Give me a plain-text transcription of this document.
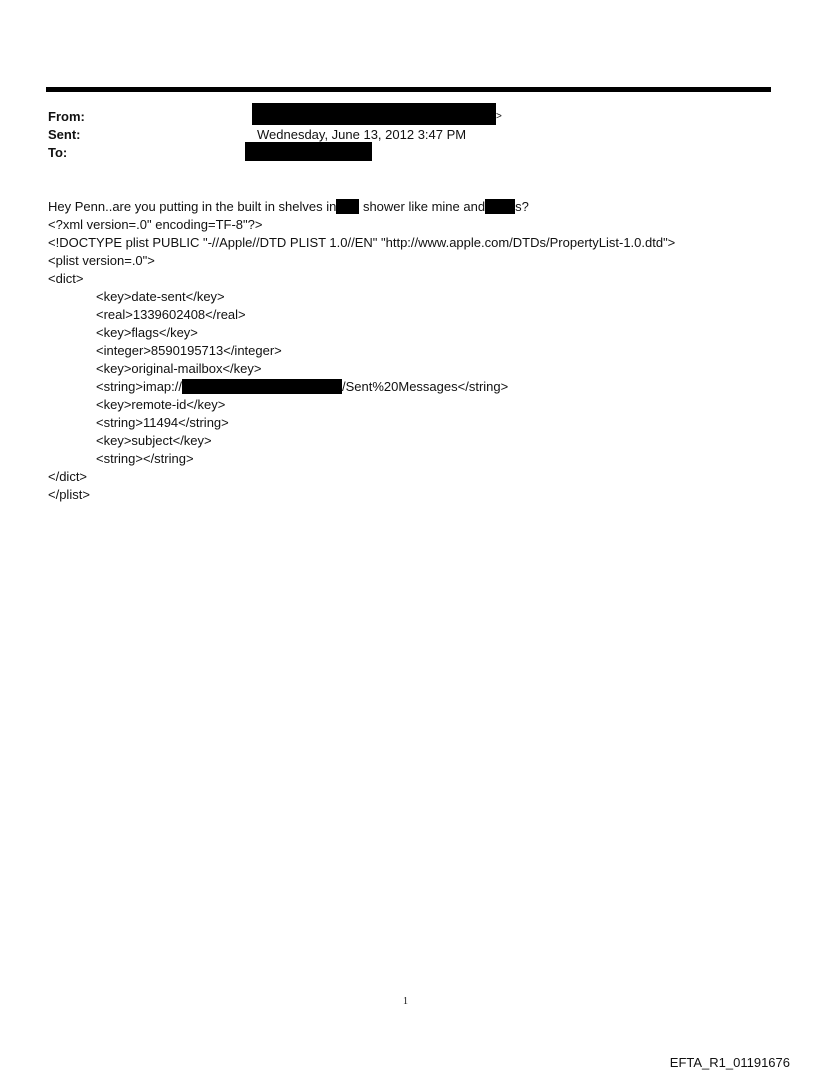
From:	>
Sent:	Wednesday, June 13, 2012 3:47 PM
To:
Hey Penn..are you putting in the built in shelves in shower like mine and s?
<?xml version=.0" encoding=TF-8"?>
<!DOCTYPE plist PUBLIC "-//Apple//DTD PLIST 1.0//EN" "http://www.apple.com/DTDs/PropertyList-1.0.dtd">
<plist version=.0">
<dict>
<key>date-sent</key>
<real>1339602408</real>
<key>flags</key>
<integer>8590195713</integer>
<key>original-mailbox</key>
<string>imap://	/Sent%20Messages</string>
<key>remote-id</key>
<string>11494</string>
<key>subject</key>
<string></string>
</dict>
</plist>
1
EFTA_R1_01191676
